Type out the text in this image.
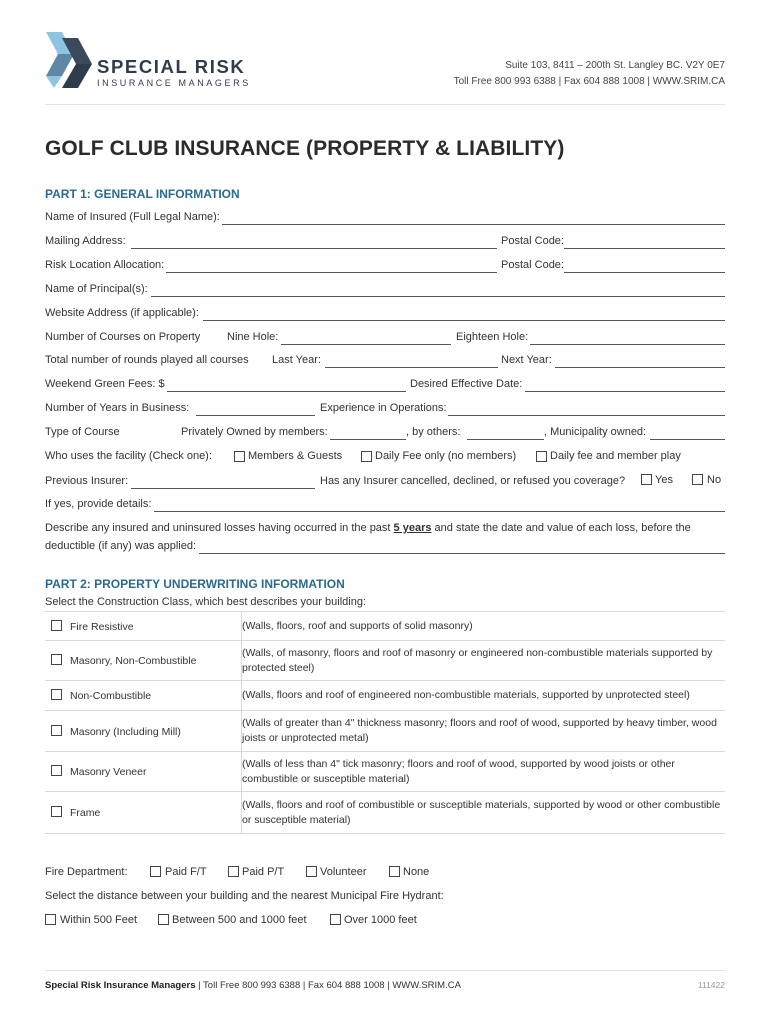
SPECIAL RISK
INSURANCE MANAGERS
Suite 103, 8411 – 200th St. Langley BC. V2Y 0E7
Toll Free 800 993 6388 | Fax 604 888 1008 | WWW.SRIM.CA
GOLF CLUB INSURANCE (PROPERTY & LIABILITY)
PART 1: GENERAL INFORMATION
Name of Insured (Full Legal Name):
Mailing Address:	Postal Code:
Risk Location Allocation:	Postal Code:
Name of Principal(s):
Website Address (if applicable):
Number of Courses on Property Nine Hole:	Eighteen Hole:
Total number of rounds played all courses Last Year:	Next Year:
Weekend Green Fees: $	Desired Effective Date:
Number of Years in Business:	Experience in Operations:
Type of Course	Privately Owned by members:	, by others:	, Municipality owned:
Who uses the facility (Check one):	Members & Guests	Daily Fee only (no members)	Daily fee and member play
Previous Insurer:	Has any Insurer cancelled, declined, or refused you coverage?	Yes	No
If yes, provide details:
Describe any insured and uninsured losses having occurred in the past 5 years and state the date and value of each loss, before the
deductible (if any) was applied:
PART 2: PROPERTY UNDERWRITING INFORMATION
Select the Construction Class, which best describes your building:
Fire Resistive	(Walls, floors, roof and supports of solid masonry)
Masonry, Non-Combustible	(Walls, of masonry, floors and roof of masonry or engineered non-combustible materials supported by protected steel)
Non-Combustible	(Walls, floors and roof of engineered non-combustible materials, supported by unprotected steel)
Masonry (Including Mill)	(Walls of greater than 4" thickness masonry; floors and roof of wood, supported by heavy timber, wood joists or unprotected metal)
Masonry Veneer	(Walls of less than 4" tick masonry; floors and roof of wood, supported by wood joists or other combustible or susceptible material)
Frame	(Walls, floors and roof of combustible or susceptible materials, supported by wood or other combustible or susceptible material)
Fire Department:	Paid F/T	Paid P/T	Volunteer	None
Select the distance between your building and the nearest Municipal Fire Hydrant:
Within 500 Feet	Between 500 and 1000 feet	Over 1000 feet
Special Risk Insurance Managers | Toll Free 800 993 6388 | Fax 604 888 1008 | WWW.SRIM.CA	111422
